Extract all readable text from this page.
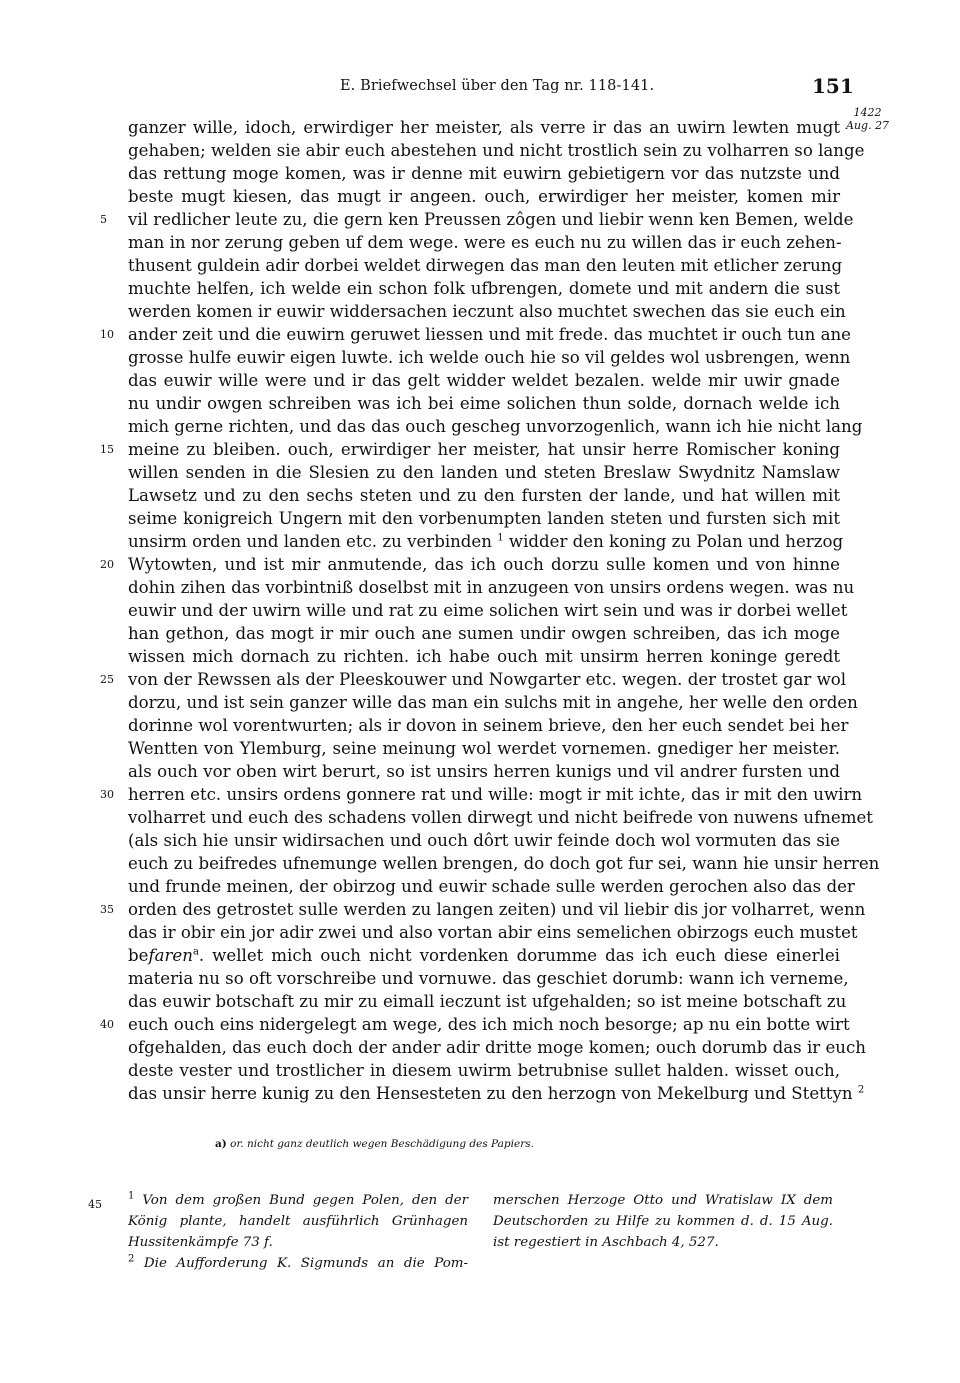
E. Briefwechsel über den Tag nr. 118-141.	151
1422
Aug. 27
5
10
15
20
25
30
35
40
ganzer wille, idoch, erwirdiger her meister, als verre ir das an uwirn lewten mugt
gehaben; welden sie abir euch abestehen und nicht trostlich sein zu volharren so lange
das rettung moge komen, was ir denne mit euwirn gebietigern vor das nutzste und
beste mugt kiesen, das mugt ir angeen. ouch, erwirdiger her meister, komen mir
vil redlicher leute zu, die gern ken Preussen zôgen und liebir wenn ken Bemen, welde
man in nor zerung geben uf dem wege. were es euch nu zu willen das ir euch zehen-
thusent guldein adir dorbei weldet dirwegen das man den leuten mit etlicher zerung
muchte helfen, ich welde ein schon folk ufbrengen, domete und mit andern die sust
werden komen ir euwir widdersachen ieczunt also muchtet swechen das sie euch ein
ander zeit und die euwirn geruwet liessen und mit frede. das muchtet ir ouch tun ane
grosse hulfe euwir eigen luwte. ich welde ouch hie so vil geldes wol usbrengen, wenn
das euwir wille were und ir das gelt widder weldet bezalen. welde mir uwir gnade
nu undir owgen schreiben was ich bei eime solichen thun solde, dornach welde ich
mich gerne richten, und das das ouch gescheg unvorzogenlich, wann ich hie nicht lang
meine zu bleiben. ouch, erwirdiger her meister, hat unsir herre Romischer koning
willen senden in die Slesien zu den landen und steten Breslaw Swydnitz Namslaw
Lawsetz und zu den sechs steten und zu den fursten der lande, und hat willen mit
seime konigreich Ungern mit den vorbenumpten landen steten und fursten sich mit
unsirm orden und landen etc. zu verbinden $^1$ widder den koning zu Polan und herzog
Wytowten, und ist mir anmutende, das ich ouch dorzu sulle komen und von hinne
dohin zihen das vorbintniß doselbst mit in anzugeen von unsirs ordens wegen. was nu
euwir und der uwirn wille und rat zu eime solichen wirt sein und was ir dorbei wellet
han gethon, das mogt ir mir ouch ane sumen undir owgen schreiben, das ich moge
wissen mich dornach zu richten. ich habe ouch mit unsirm herren koninge geredt
von der Rewssen als der Pleeskouwer und Nowgarter etc. wegen. der trostet gar wol
dorzu, und ist sein ganzer wille das man ein sulchs mit in angehe, her welle den orden
dorinne wol vorentwurten; als ir dovon in seinem brieve, den her euch sendet bei her
Wentten von Ylemburg, seine meinung wol werdet vornemen. gnediger her meister.
als ouch vor oben wirt berurt, so ist unsirs herren kunigs und vil andrer fursten und
herren etc. unsirs ordens gonnere rat und wille: mogt ir mit ichte, das ir mit den uwirn
volharret und euch des schadens vollen dirwegt und nicht beifrede von nuwens ufnemet
(als sich hie unsir widirsachen und ouch dôrt uwir feinde doch wol vormuten das sie
euch zu beifredes ufnemunge wellen brengen, do doch got fur sei, wann hie unsir herren
und frunde meinen, der obirzog und euwir schade sulle werden gerochen also das der
orden des getrostet sulle werden zu langen zeiten) und vil liebir dis jor volharret, wenn
das ir obir ein jor adir zwei und also vortan abir eins semelichen obirzogs euch mustet
befaren$^a$. wellet mich ouch nicht vordenken dorumme das ich euch diese einerlei
materia nu so oft vorschreibe und vornuwe. das geschiet dorumb: wann ich verneme,
das euwir botschaft zu mir zu eimall ieczunt ist ufgehalden; so ist meine botschaft zu
euch ouch eins nidergelegt am wege, des ich mich noch besorge; ap nu ein botte wirt
ofgehalden, das euch doch der ander adir dritte moge komen; ouch dorumb das ir euch
deste vester und trostlicher in diesem uwirm betrubnise sullet halden. wisset ouch,
das unsir herre kunig zu den Hensesteten zu den herzogn von Mekelburg und Stettyn $^2$
a) or. nicht ganz deutlich wegen Beschädigung des Papiers.
45
$^1$ Von dem großen Bund gegen Polen, den der
König plante, handelt ausführlich Grünhagen
Hussitenkämpfe 73 f.
$^2$ Die Aufforderung K. Sigmunds an die Pom-
merschen Herzoge Otto und Wratislaw IX dem
Deutschorden zu Hilfe zu kommen d. d. 15 Aug.
ist regestiert in Aschbach 4, 527.
